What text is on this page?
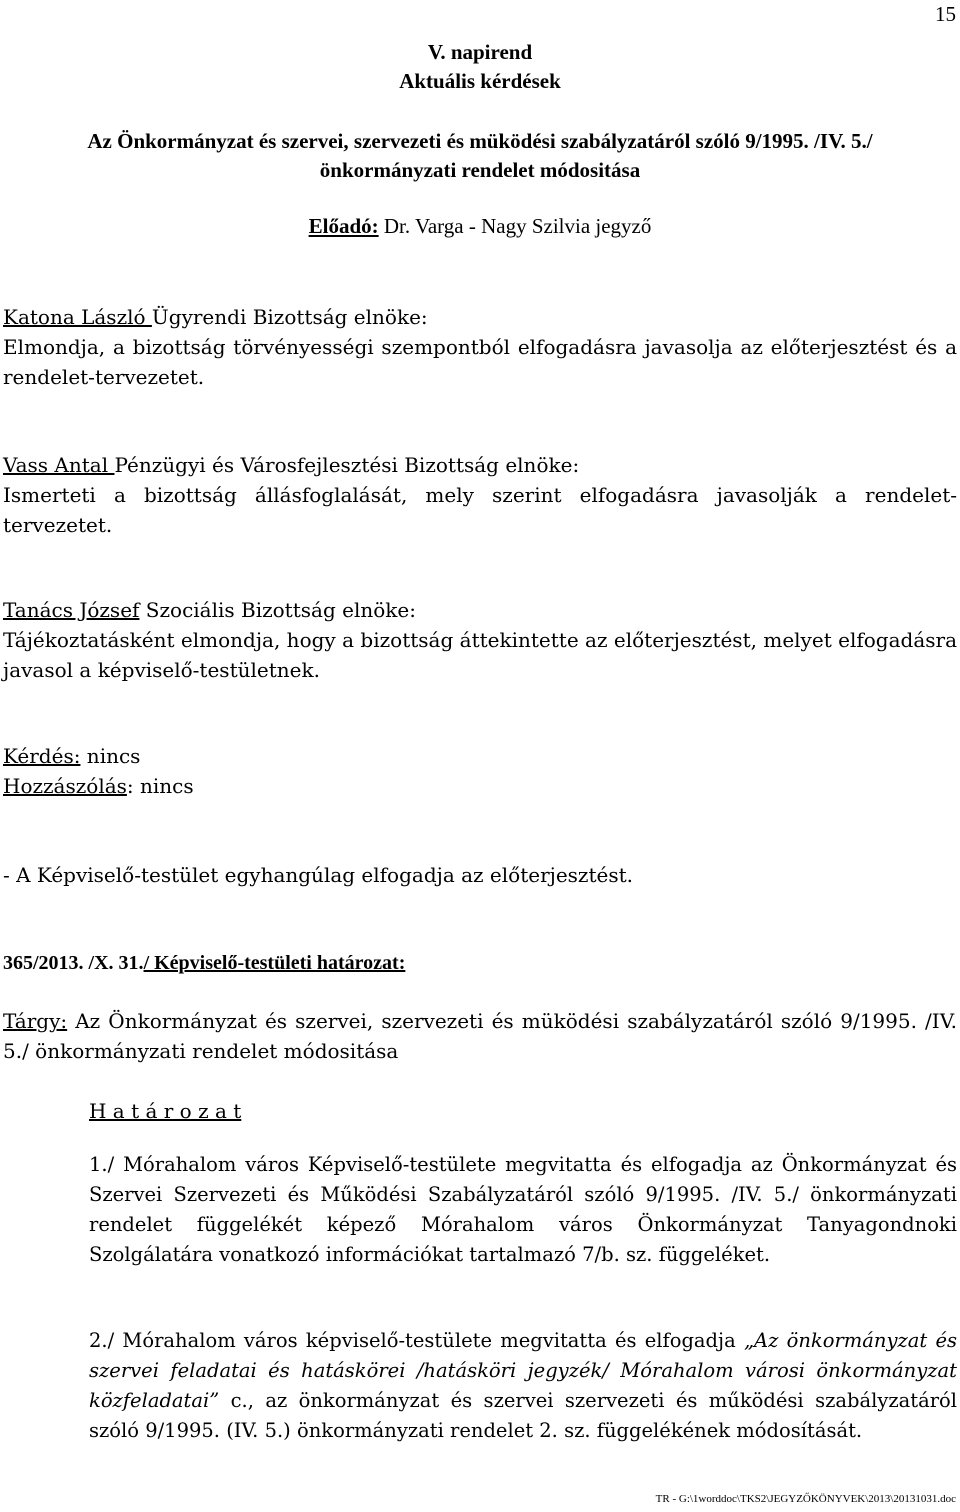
15
V. napirend
Aktuális kérdések
Az Önkormányzat és szervei, szervezeti és müködési szabályzatáról szóló 9/1995. /IV. 5./
önkormányzati rendelet módositása
Előadó: Dr. Varga - Nagy Szilvia jegyző
Katona László Ügyrendi Bizottság elnöke:
Elmondja, a bizottság törvényességi szempontból elfogadásra javasolja az előterjesztést és a rendelet-tervezetet.
Vass Antal Pénzügyi és Városfejlesztési Bizottság elnöke:
Ismerteti a bizottság állásfoglalását, mely szerint elfogadásra javasolják a rendelet-tervezetet.
Tanács József Szociális Bizottság elnöke:
Tájékoztatásként elmondja, hogy a bizottság áttekintette az előterjesztést, melyet elfogadásra javasol a képviselő-testületnek.
Kérdés: nincs
Hozzászólás: nincs
- A Képviselő-testület egyhangúlag elfogadja az előterjesztést.
365/2013. /X. 31./ Képviselő-testületi határozat:
Tárgy: Az Önkormányzat és szervei, szervezeti és müködési szabályzatáról szóló 9/1995. /IV. 5./ önkormányzati rendelet módositása
H a t á r o z a t
1./ Mórahalom város Képviselő-testülete megvitatta és elfogadja az Önkormányzat és Szervei Szervezeti és Működési Szabályzatáról szóló 9/1995. /IV. 5./ önkormányzati rendelet függelékét képező Mórahalom város Önkormányzat Tanyagondnoki Szolgálatára vonatkozó információkat tartalmazó 7/b. sz. függeléket.
2./ Mórahalom város képviselő-testülete megvitatta és elfogadja „Az önkormányzat és szervei feladatai és hatáskörei /hatásköri jegyzék/ Mórahalom városi önkormányzat közfeladatai” c., az önkormányzat és szervei szervezeti és működési szabályzatáról szóló 9/1995. (IV. 5.) önkormányzati rendelet 2. sz. függelékének módosítását.
TR - G:\1worddoc\TKS2\JEGYZŐKÖNYVEK\2013\20131031.doc
